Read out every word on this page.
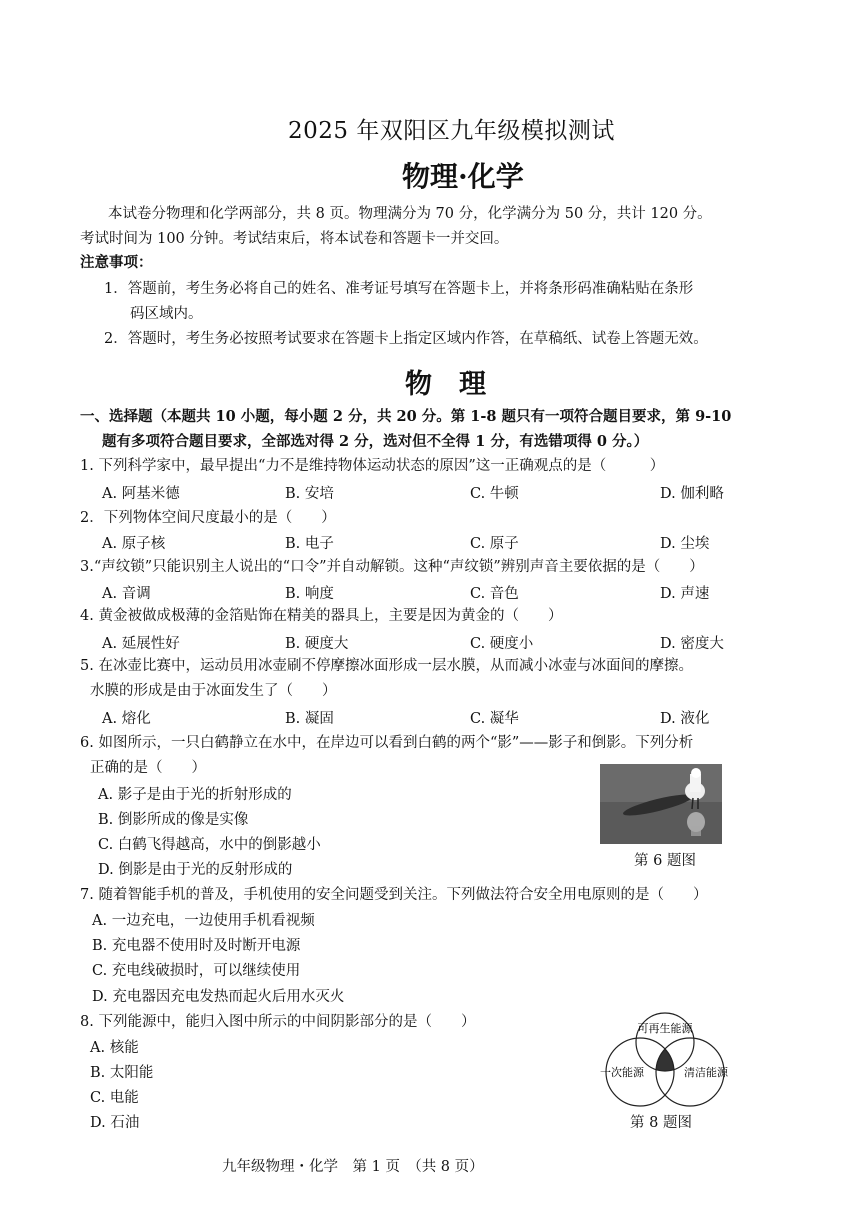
2025 年双阳区九年级模拟测试
物理·化学
本试卷分物理和化学两部分，共 8 页。物理满分为 70 分，化学满分为 50 分，共计 120 分。
考试时间为 100 分钟。考试结束后，将本试卷和答题卡一并交回。
注意事项：
1．答题前，考生务必将自己的姓名、准考证号填写在答题卡上，并将条形码准确粘贴在条形
码区域内。
2．答题时，考生务必按照考试要求在答题卡上指定区域内作答，在草稿纸、试卷上答题无效。
物　理
一、选择题（本题共 10 小题，每小题 2 分，共 20 分。第 1-8 题只有一项符合题目要求，第 9-10
题有多项符合题目要求，全部选对得 2 分，选对但不全得 1 分，有选错项得 0 分。）
1. 下列科学家中，最早提出“力不是维持物体运动状态的原因”这一正确观点的是（　　　）
A. 阿基米德	B. 安培	C. 牛顿	D. 伽利略
2．下列物体空间尺度最小的是（　　）
A. 原子核	B. 电子	C. 原子	D. 尘埃
3.“声纹锁”只能识别主人说出的“口令”并自动解锁。这种“声纹锁”辨别声音主要依据的是（　　）
A. 音调	B. 响度	C. 音色	D. 声速
4. 黄金被做成极薄的金箔贴饰在精美的器具上，主要是因为黄金的（　　）
A. 延展性好	B. 硬度大	C. 硬度小	D. 密度大
5. 在冰壶比赛中，运动员用冰壶刷不停摩擦冰面形成一层水膜，从而减小冰壶与冰面间的摩擦。
水膜的形成是由于冰面发生了（　　）
A. 熔化	B. 凝固	C. 凝华	D. 液化
6. 如图所示，一只白鹤静立在水中，在岸边可以看到白鹤的两个“影”——影子和倒影。下列分析
正确的是（　　）
A. 影子是由于光的折射形成的
B. 倒影所成的像是实像
C. 白鹤飞得越高，水中的倒影越小
D. 倒影是由于光的反射形成的
第 6 题图
7. 随着智能手机的普及，手机使用的安全问题受到关注。下列做法符合安全用电原则的是（　　）
A. 一边充电，一边使用手机看视频
B. 充电器不使用时及时断开电源
C. 充电线破损时，可以继续使用
D. 充电器因充电发热而起火后用水灭火
8. 下列能源中，能归入图中所示的中间阴影部分的是（　　）
A. 核能
B. 太阳能
C. 电能
D. 石油
可再生能源
一次能源	清洁能源
第 8 题图
九年级物理・化学　第 1 页　（共 8 页）
